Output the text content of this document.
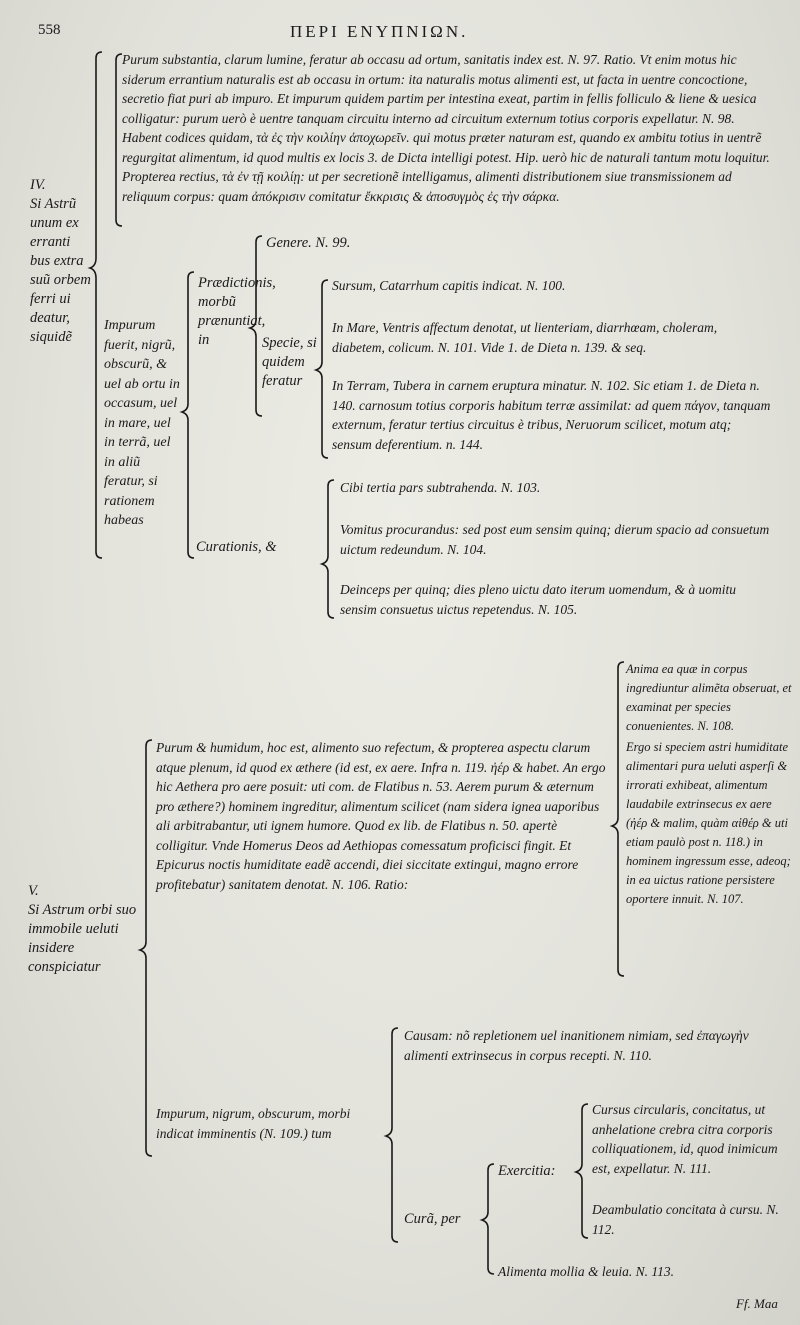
558	ΠΕΡΙ ΕΝΥΠΝΙΩΝ.
IV.
Si Astrũ unum ex erranti bus extra suũ orbem ferri ui deatur, siquidẽ
Purum substantia, clarum lumine, feratur ab occasu ad ortum, sanitatis index est. N. 97. Ratio. Vt enim motus hic siderum errantium naturalis est ab occasu in ortum: ita naturalis motus alimenti est, ut facta in uentre concoctione, secretio fiat puri ab impuro. Et impurum quidem partim per intestina exeat, partim in fellis folliculo & liene & uesica colligatur: purum uerò è uentre tanquam circuitu interno ad circuitum externum totius corporis expellatur. N. 98. Habent codices quidam, τὰ ἐς τὴν κοιλίην ἀποχωρεῖν. qui motus præter naturam est, quando ex ambitu totius in uentrẽ regurgitat alimentum, id quod multis ex locis 3. de Dicta intelligi potest. Hip. uerò hic de naturali tantum motu loquitur. Propterea rectius, τὰ ἐν τῇ κοιλίῃ: ut per secretionẽ intelligamus, alimenti distributionem siue transmissionem ad reliquum corpus: quam ἀπόκρισιν comitatur ἔκκρισις & ἀποσυγμὸς ἐς τὴν σάρκα.
Impurum fuerit, nigrũ, obscurũ, & uel ab ortu in occasum, uel in mare, uel in terrã, uel in aliũ feratur, si rationem habeas
Prædictionis, morbũ prænuntiat, in
Genere. N. 99.
Specie, si quidem feratur
Sursum, Catarrhum capitis indicat. N. 100.
In Mare, Ventris affectum denotat, ut lienteriam, diarrhœam, choleram, diabetem, colicum. N. 101. Vide 1. de Dieta n. 139. & seq.
In Terram, Tubera in carnem eruptura minatur. N. 102. Sic etiam 1. de Dieta n. 140. carnosum totius corporis habitum terræ assimilat: ad quem πάγον, tanquam externum, feratur tertius circuitus è tribus, Neruorum scilicet, motum atq; sensum deferentium. n. 144.
Curationis, &
Cibi tertia pars subtrahenda. N. 103.
Vomitus procurandus: sed post eum sensim quinq; dierum spacio ad consuetum uictum redeundum. N. 104.
Deinceps per quinq; dies pleno uictu dato iterum uomendum, & à uomitu sensim consuetus uictus repetendus. N. 105.
V.
Si Astrum orbi suo immobile ueluti insidere conspiciatur
Purum & humidum, hoc est, alimento suo refectum, & propterea aspectu clarum atque plenum, id quod ex æthere (id est, ex aere. Infra n. 119. ἠέρ & habet. An ergo hic Aethera pro aere posuit: uti com. de Flatibus n. 53. Aerem purum & æternum pro æthere?) hominem ingreditur, alimentum scilicet (nam sidera ignea uaporibus ali arbitrabantur, uti ignem humore. Quod ex lib. de Flatibus n. 50. apertè colligitur. Vnde Homerus Deos ad Aethiopas comessatum proficisci fingit. Et Epicurus noctis humiditate eadẽ accendi, diei siccitate extingui, magno errore profitebatur) sanitatem denotat. N. 106. Ratio:
Anima ea quæ in corpus ingrediuntur alimẽta obseruat, et examinat per species conuenientes. N. 108.
Ergo si speciem astri humiditate alimentari pura ueluti asperſi & irrorati exhibeat, alimentum laudabile extrinsecus ex aere (ἠέρ & malim, quàm αἰθέρ & uti etiam paulò post n. 118.) in hominem ingressum esse, adeoq; in ea uictus ratione persistere oportere innuit. N. 107.
Impurum, nigrum, obscurum, morbi indicat imminentis (N. 109.) tum
Causam: nõ repletionem uel inanitionem nimiam, sed ἐπαγωγὴν alimenti extrinsecus in corpus recepti. N. 110.
Curã, per
Exercitia:
Cursus circularis, concitatus, ut anhelatione crebra citra corporis colliquationem, id, quod inimicum est, expellatur. N. 111.
Deambulatio concitata à cursu. N. 112.
Alimenta mollia & leuia. N. 113.
Ff. Maa
